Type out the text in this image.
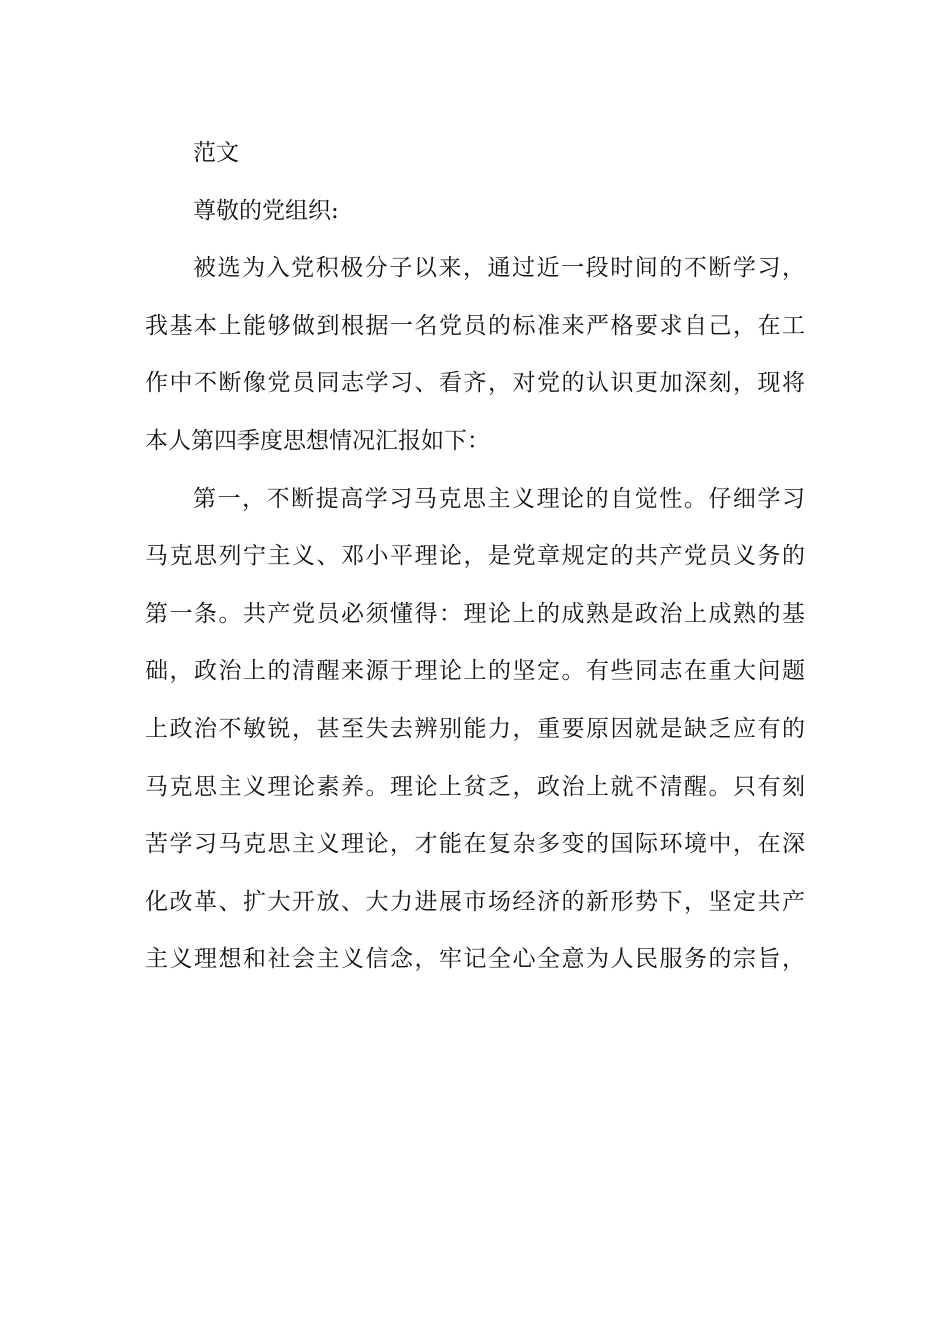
范文
尊敬的党组织:
被选为入党积极分子以来，通过近一段时间的不断学习，
我基本上能够做到根据一名党员的标准来严格要求自己，在工
作中不断像党员同志学习、看齐，对党的认识更加深刻，现将
本人第四季度思想情况汇报如下：
第一，不断提高学习马克思主义理论的自觉性。仔细学习
马克思列宁主义、邓小平理论，是党章规定的共产党员义务的
第一条。共产党员必须懂得：理论上的成熟是政治上成熟的基
础，政治上的清醒来源于理论上的坚定。有些同志在重大问题
上政治不敏锐，甚至失去辨别能力，重要原因就是缺乏应有的
马克思主义理论素养。理论上贫乏，政治上就不清醒。只有刻
苦学习马克思主义理论，才能在复杂多变的国际环境中，在深
化改革、扩大开放、大力进展市场经济的新形势下，坚定共产
主义理想和社会主义信念，牢记全心全意为人民服务的宗旨，
